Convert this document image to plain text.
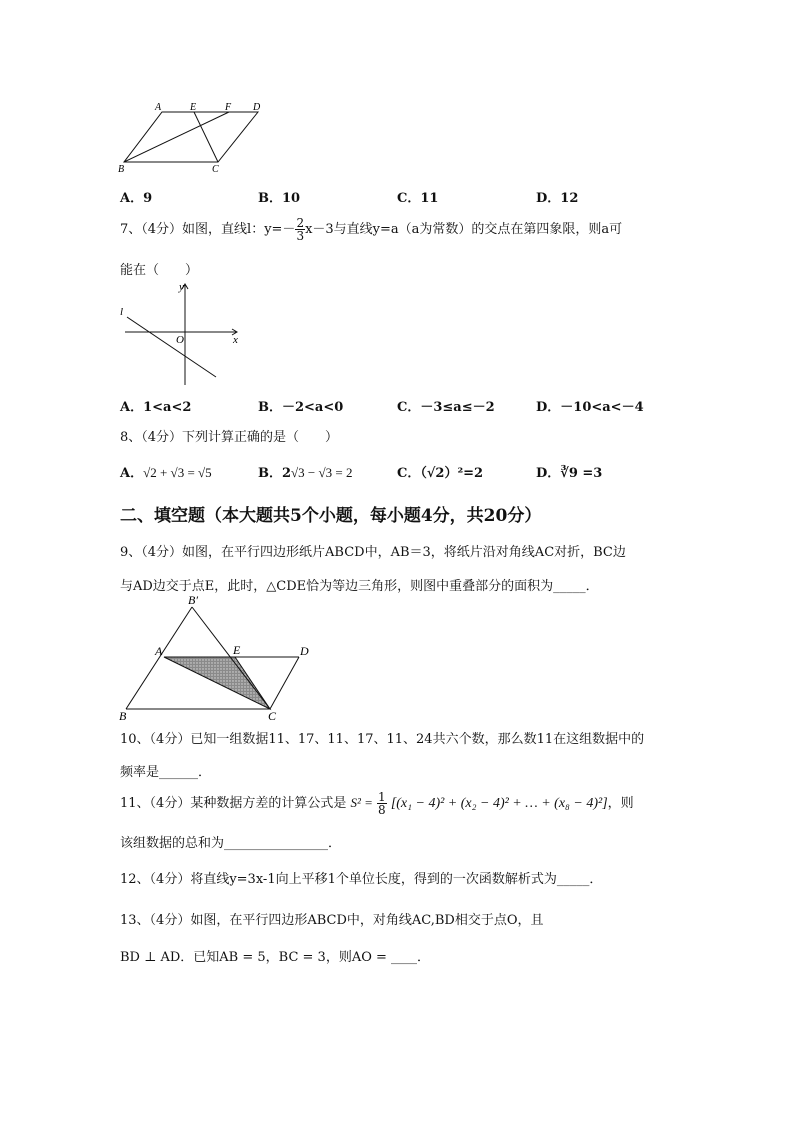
A	E	F D
B	C
A．9	B．10	C．11	D．12
7、（4分）如图，直线l：$y=- \frac{2}{3} x-3$与直线y=a（a为常数）的交点在第四象限，则a可
能在（　　）
l
y
O	x
A．1<a<2	B．－2<a<0	C．－3≤a≤－2	D．－10<a<－4
8、（4分）下列计算正确的是（　　）
A．√2 + √3 = √5	B．2√3 − √3 = 2	C．（√2）²=2	D．∛9 =3
二、填空题（本大题共5个小题，每小题4分，共20分）
9、（4分）如图，在平行四边形纸片ABCD中，AB＝3，将纸片沿对角线AC对折，BC边
与AD边交于点E，此时，△CDE恰为等边三角形，则图中重叠部分的面积为_____．
B′
A	E	D
B	C
10、（4分）已知一组数据11、17、11、17、11、24共六个数，那么数11在这组数据中的
频率是______．
11、（4分）某种数据方差的计算公式是 $S^2 = \frac{1}{8} [(x_1 - 4)^2 + (x_2 - 4)^2$ + … + (x₈ − 4)²]，则
该组数据的总和为________________．
12、（4分）将直线y=3x-1向上平移1个单位长度，得到的一次函数解析式为_____．
13、（4分）如图，在平行四边形ABCD中，对角线AC,BD相交于点O，且
BD ⊥ AD．已知AB = 5，BC = 3，则AO = ____．
